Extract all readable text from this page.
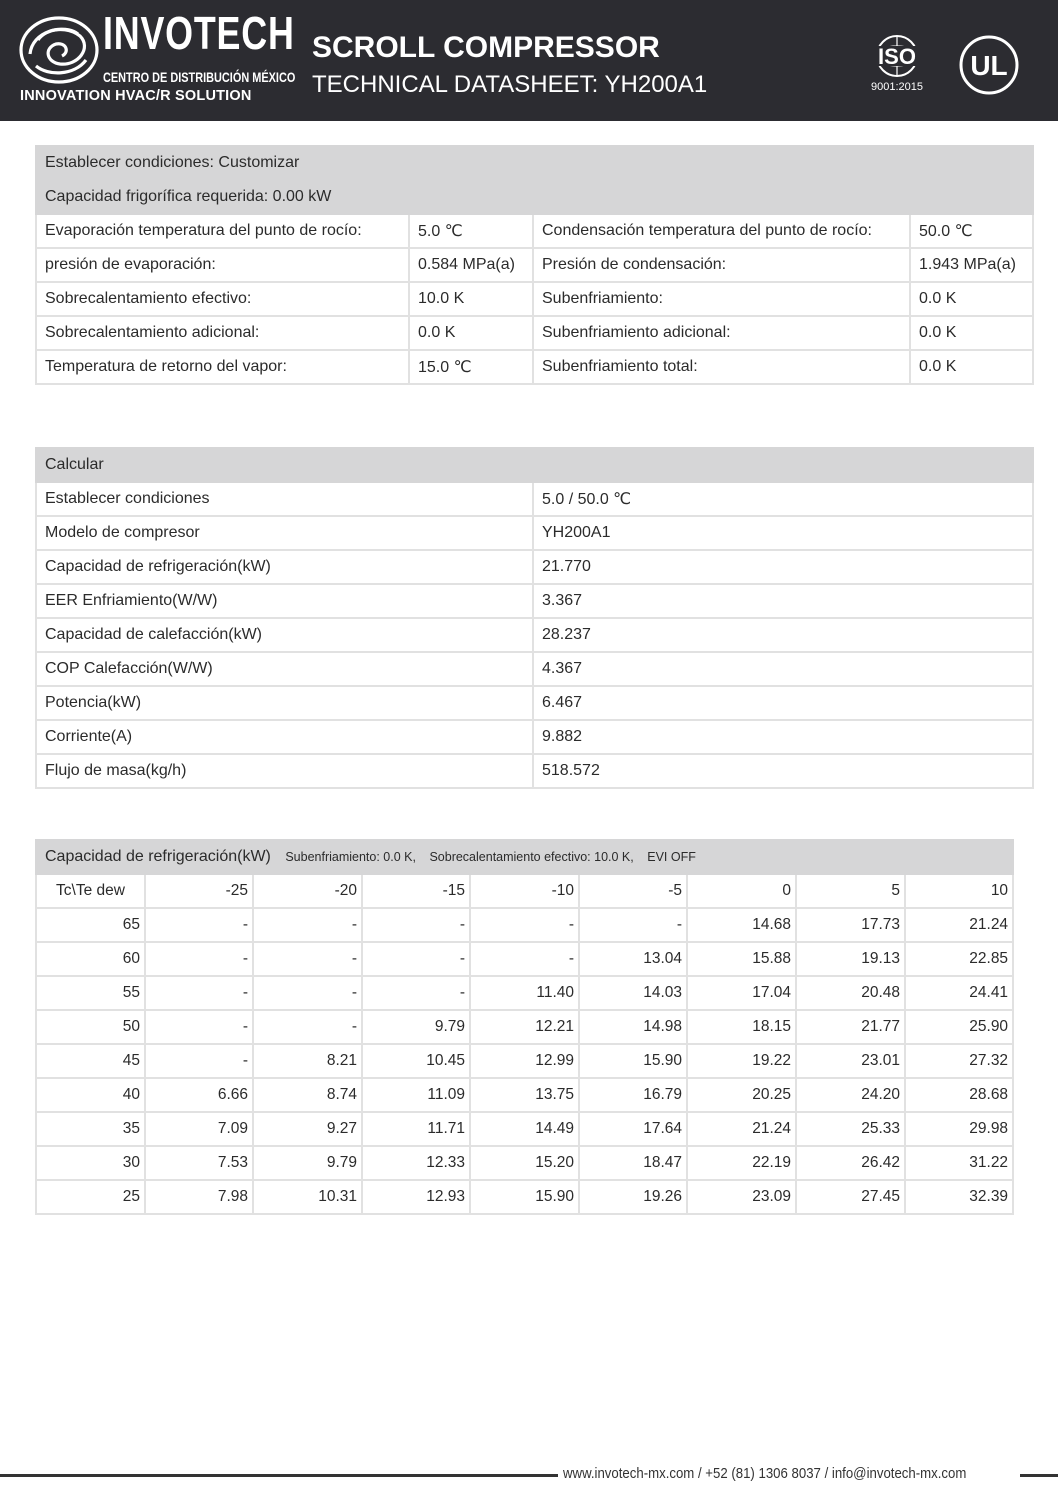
INVOTECH
CENTRO DE DISTRIBUCIÓN MÉXICO
INNOVATION HVAC/R SOLUTION
SCROLL COMPRESSOR
TECHNICAL DATASHEET: YH200A1
ISO
9001:2015
UL
Establecer condiciones: Customizar			
Capacidad frigorífica requerida: 0.00 kW			
Evaporación temperatura del punto de rocío:	5.0 ℃	Condensación temperatura del punto de rocío:	50.0 ℃
presión de evaporación:	0.584 MPa(a)	Presión de condensación:	1.943 MPa(a)
Sobrecalentamiento efectivo:	10.0 K	Subenfriamiento:	0.0 K
Sobrecalentamiento adicional:	0.0 K	Subenfriamiento adicional:	0.0 K
Temperatura de retorno del vapor:	15.0 ℃	Subenfriamiento total:	0.0 K
Calcular	
Establecer condiciones	5.0 / 50.0 ℃
Modelo de compresor	YH200A1
Capacidad de refrigeración(kW)	21.770
EER Enfriamiento(W/W)	3.367
Capacidad de calefacción(kW)	28.237
COP Calefacción(W/W)	4.367
Potencia(kW)	6.467
Corriente(A)	9.882
Flujo de masa(kg/h)	518.572
Capacidad de refrigeración(kW) Subenfriamiento: 0.0 K, Sobrecalentamiento efectivo: 10.0 K, EVI OFF								
Tc\Te dew	-25	-20	-15	-10	-5	0	5	10
65	-	-	-	-	-	14.68	17.73	21.24
60	-	-	-	-	13.04	15.88	19.13	22.85
55	-	-	-	11.40	14.03	17.04	20.48	24.41
50	-	-	9.79	12.21	14.98	18.15	21.77	25.90
45	-	8.21	10.45	12.99	15.90	19.22	23.01	27.32
40	6.66	8.74	11.09	13.75	16.79	20.25	24.20	28.68
35	7.09	9.27	11.71	14.49	17.64	21.24	25.33	29.98
30	7.53	9.79	12.33	15.20	18.47	22.19	26.42	31.22
25	7.98	10.31	12.93	15.90	19.26	23.09	27.45	32.39
www.invotech-mx.com / +52 (81) 1306 8037 / info@invotech-mx.com
